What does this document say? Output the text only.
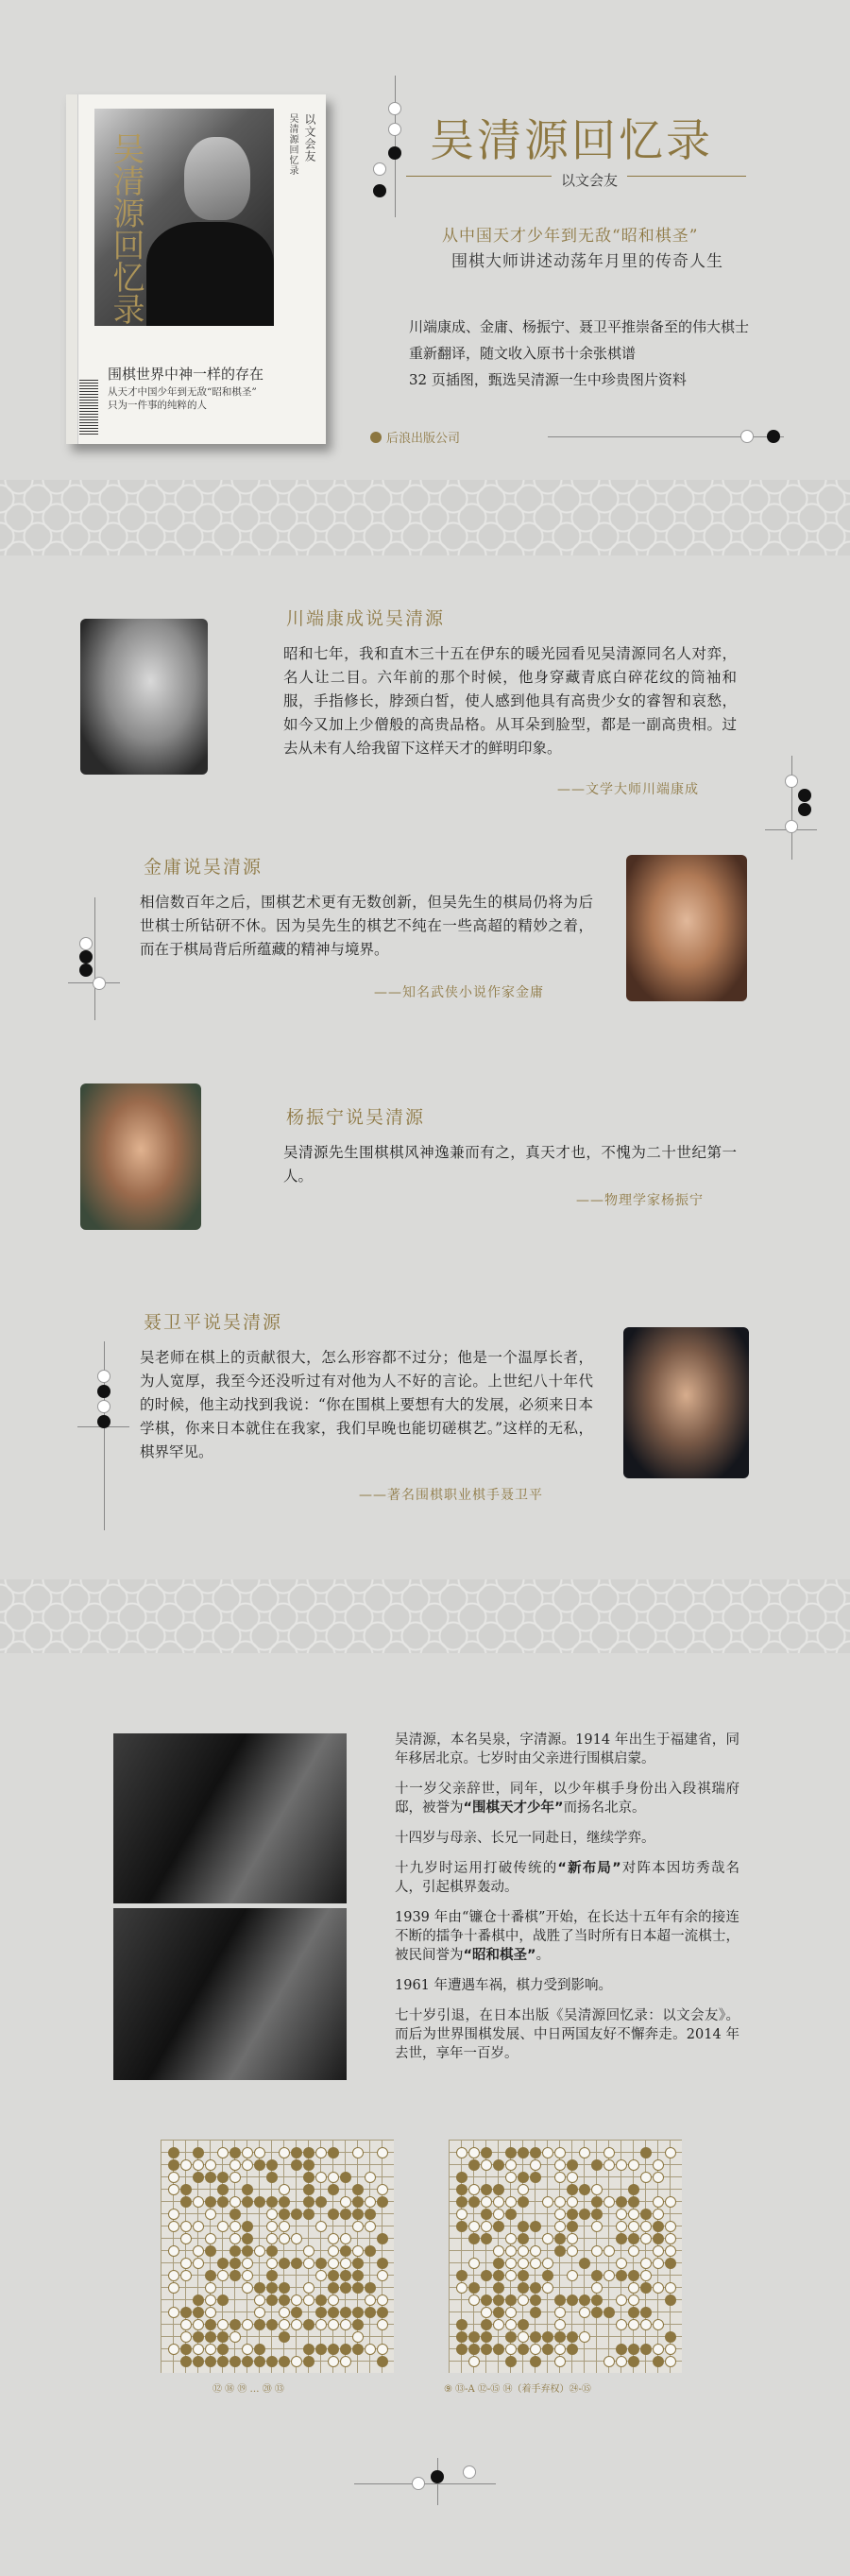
吴清源回忆录	吴清源回忆录 以文会友
围棋世界中神一样的存在
从天才中国少年到无敌“昭和棋圣”
只为一件事的纯粹的人
吴清源回忆录
以文会友
从中国天才少年到无敌“昭和棋圣”
围棋大师讲述动荡年月里的传奇人生
川端康成、金庸、杨振宁、聂卫平推崇备至的伟大棋士
重新翻译，随文收入原书十余张棋谱
32 页插图，甄选吴清源一生中珍贵图片资料
后浪出版公司
川端康成说吴清源
昭和七年，我和直木三十五在伊东的暖光园看见吴清源同名人对弈，名人让二目。六年前的那个时候，他身穿藏青底白碎花纹的筒袖和服，手指修长，脖颈白皙，使人感到他具有高贵少女的睿智和哀愁，如今又加上少僧般的高贵品格。从耳朵到脸型，都是一副高贵相。过去从未有人给我留下这样天才的鲜明印象。
——文学大师川端康成
金庸说吴清源
相信数百年之后，围棋艺术更有无数创新，但吴先生的棋局仍将为后世棋士所钻研不休。因为吴先生的棋艺不纯在一些高超的精妙之着，而在于棋局背后所蕴藏的精神与境界。
——知名武侠小说作家金庸
杨振宁说吴清源
吴清源先生围棋棋风神逸兼而有之，真天才也，不愧为二十世纪第一人。
——物理学家杨振宁
聂卫平说吴清源
吴老师在棋上的贡献很大，怎么形容都不过分；他是一个温厚长者，为人宽厚，我至今还没听过有对他为人不好的言论。上世纪八十年代的时候，他主动找到我说：“你在围棋上要想有大的发展，必须来日本学棋，你来日本就住在我家，我们早晚也能切磋棋艺。”这样的无私，棋界罕见。
——著名围棋职业棋手聂卫平

吴清源，本名吴泉，字清源。1914 年出生于福建省，同年移居北京。七岁时由父亲进行围棋启蒙。

十一岁父亲辞世，同年，以少年棋手身份出入段祺瑞府邸，被誉为“围棋天才少年”而扬名北京。

十四岁与母亲、长兄一同赴日，继续学弈。

十九岁时运用打破传统的“新布局”对阵本因坊秀哉名人，引起棋界轰动。

1939 年由“镰仓十番棋”开始，在长达十五年有余的接连不断的擂争十番棋中，战胜了当时所有日本超一流棋士，被民间誉为“昭和棋圣”。

1961 年遭遇车祸，棋力受到影响。

七十岁引退，在日本出版《吴清源回忆录：以文会友》。而后为世界围棋发展、中日两国友好不懈奔走。2014 年去世，享年一百岁。

⑫ ⑱ ⑲ … ⑳ ⑬	⑨ ⑬-A ⑫-⑮ ⑭（着手弃权）㉔-⑮
